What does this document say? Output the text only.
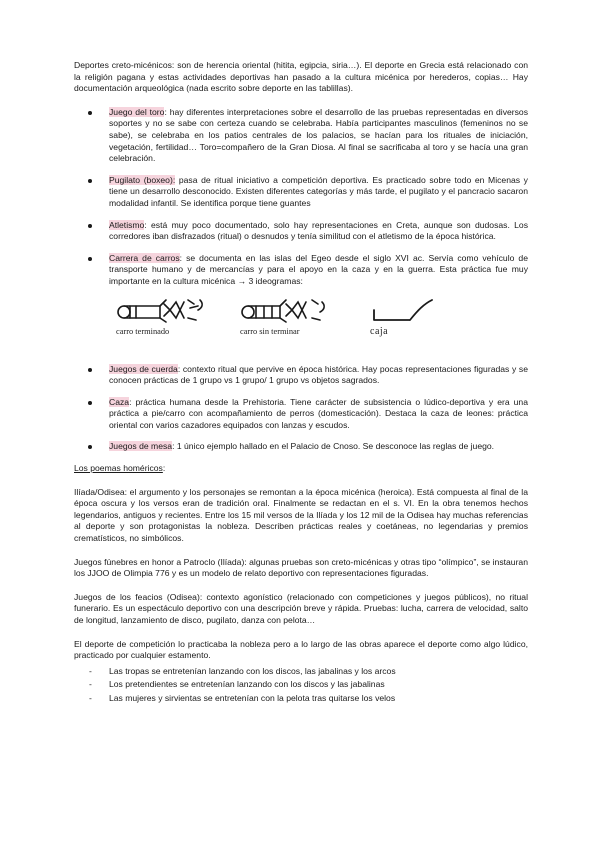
Deportes creto-micénicos: son de herencia oriental (hitita, egipcia, siria…). El deporte en Grecia está relacionado con la religión pagana y estas actividades deportivas han pasado a la cultura micénica por herederos, copias… Hay documentación arqueológica (nada escrito sobre deporte en las tablillas).

Juego del toro: hay diferentes interpretaciones sobre el desarrollo de las pruebas representadas en diversos soportes y no se sabe con certeza cuando se celebraba. Había participantes masculinos (femeninos no se sabe), se celebraba en los patios centrales de los palacios, se hacían para los rituales de iniciación, vegetación, fertilidad… Toro=compañero de la Gran Diosa. Al final se sacrificaba al toro y se hacía una gran celebración.
Pugilato (boxeo): pasa de ritual iniciativo a competición deportiva. Es practicado sobre todo en Micenas y tiene un desarrollo desconocido. Existen diferentes categorías y más tarde, el pugilato y el pancracio sacaron modalidad infantil. Se identifica porque tiene guantes
Atletismo: está muy poco documentado, solo hay representaciones en Creta, aunque son dudosas. Los corredores iban disfrazados (ritual) o desnudos y tenía similitud con el atletismo de la época histórica.
Carrera de carros: se documenta en las islas del Egeo desde el siglo XVI ac. Servía como vehículo de transporte humano y de mercancías y para el apoyo en la caza y en la guerra. Esta práctica fue muy importante en la cultura micénica → 3 ideogramas:
carro terminado	carro sin terminar	caja
Juegos de cuerda: contexto ritual que pervive en época histórica. Hay pocas representaciones figuradas y se conocen prácticas de 1 grupo vs 1 grupo/ 1 grupo vs objetos sagrados.
Caza: práctica humana desde la Prehistoria. Tiene carácter de subsistencia o lúdico-deportiva y era una práctica a pie/carro con acompañamiento de perros (domesticación). Destaca la caza de leones: práctica oriental con varios cazadores equipados con lanzas y escudos.
Juegos de mesa: 1 único ejemplo hallado en el Palacio de Cnoso. Se desconoce las reglas de juego.

Los poemas homéricos:

Ilíada/Odisea: el argumento y los personajes se remontan a la época micénica (heroica). Está compuesta al final de la época oscura y los versos eran de tradición oral. Finalmente se redactan en el s. VI. En la obra tenemos hechos legendarios, antiguos y recientes. Entre los 15 mil versos de la Ilíada y los 12 mil de la Odisea hay muchas referencias al deporte y son protagonistas la nobleza. Describen prácticas reales y coetáneas, no legendarias y premios crematísticos, no simbólicos.

Juegos fúnebres en honor a Patroclo (Ilíada): algunas pruebas son creto-micénicas y otras tipo “olímpico”, se instauran los JJOO de Olimpia 776 y es un modelo de relato deportivo con representaciones figuradas.

Juegos de los feacios (Odisea): contexto agonístico (relacionado con competiciones y juegos públicos), no ritual funerario. Es un espectáculo deportivo con una descripción breve y rápida. Pruebas: lucha, carrera de velocidad, salto de longitud, lanzamiento de disco, pugilato, danza con pelota…

El deporte de competición lo practicaba la nobleza pero a lo largo de las obras aparece el deporte como algo lúdico, practicado por cualquier estamento.

- Las tropas se entretenían lanzando con los discos, las jabalinas y los arcos
- Los pretendientes se entretenían lanzando con los discos y las jabalinas
- Las mujeres y sirvientas se entretenían con la pelota tras quitarse los velos
